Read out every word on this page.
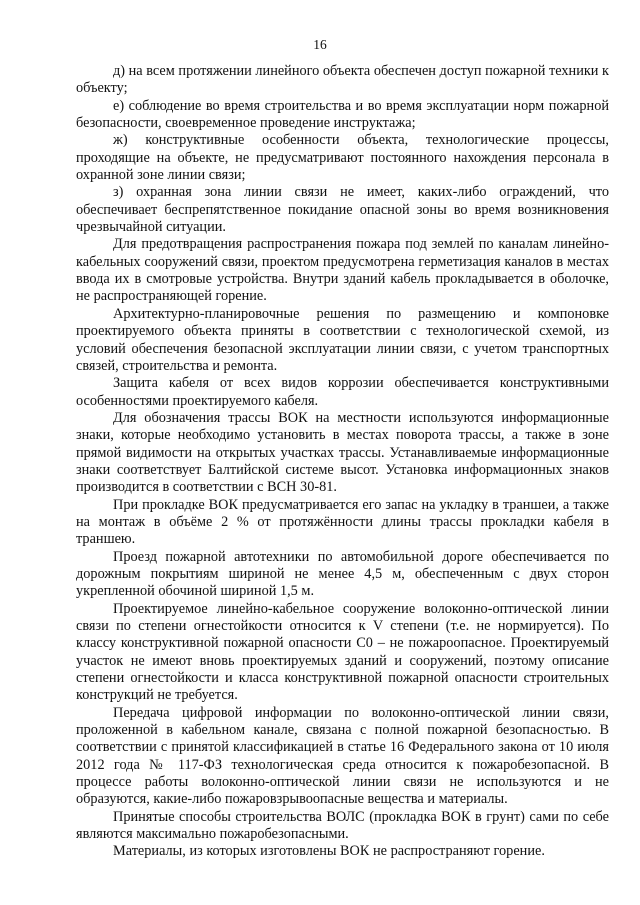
16

д) на всем протяжении линейного объекта обеспечен доступ пожарной техники к объекту;

е) соблюдение во время строительства и во время эксплуатации норм пожарной безопасности, своевременное проведение инструктажа;

ж) конструктивные особенности объекта, технологические процессы, проходящие на объекте, не предусматривают постоянного нахождения персонала в охранной зоне линии связи;

з) охранная зона линии связи не имеет, каких-либо ограждений, что обеспечивает беспрепятственное покидание опасной зоны во время возникновения чрезвычайной ситуации.

Для предотвращения распространения пожара под землей по каналам линейно-кабельных сооружений связи, проектом предусмотрена герметизация каналов в местах ввода их в смотровые устройства. Внутри зданий кабель прокладывается в оболочке, не распространяющей горение.

Архитектурно-планировочные решения по размещению и компоновке проектируемого объекта приняты в соответствии с технологической схемой, из условий обеспечения безопасной эксплуатации линии связи, с учетом транспортных связей, строительства и ремонта.

Защита кабеля от всех видов коррозии обеспечивается конструктивными особенностями проектируемого кабеля.

Для обозначения трассы ВОК на местности используются информационные знаки, которые необходимо установить в местах поворота трассы, а также в зоне прямой видимости на открытых участках трассы. Устанавливаемые информационные знаки соответствует Балтийской системе высот. Установка информационных знаков производится в соответствии с ВСН 30-81.

При прокладке ВОК предусматривается его запас на укладку в траншеи, а также на монтаж в объёме 2 % от протяжённости длины трассы прокладки кабеля в траншею.

Проезд пожарной автотехники по автомобильной дороге обеспечивается по дорожным покрытиям шириной не менее 4,5 м, обеспеченным с двух сторон укрепленной обочиной шириной 1,5 м.

Проектируемое линейно-кабельное сооружение волоконно-оптической линии связи по степени огнестойкости относится к V степени (т.е. не нормируется). По классу конструктивной пожарной опасности С0 – не пожароопасное. Проектируемый участок не имеют вновь проектируемых зданий и сооружений, поэтому описание степени огнестойкости и класса конструктивной пожарной опасности строительных конструкций не требуется.

Передача цифровой информации по волоконно-оптической линии связи, проложенной в кабельном канале, связана с полной пожарной безопасностью. В соответствии с принятой классификацией в статье 16 Федерального закона от 10 июля 2012 года № 117-ФЗ технологическая среда относится к пожаробезопасной. В процессе работы волоконно-оптической линии связи не используются и не образуются, какие-либо пожаровзрывоопасные вещества и материалы.

Принятые способы строительства ВОЛС (прокладка ВОК в грунт) сами по себе являются максимально пожаробезопасными.

Материалы, из которых изготовлены ВОК не распространяют горение.
